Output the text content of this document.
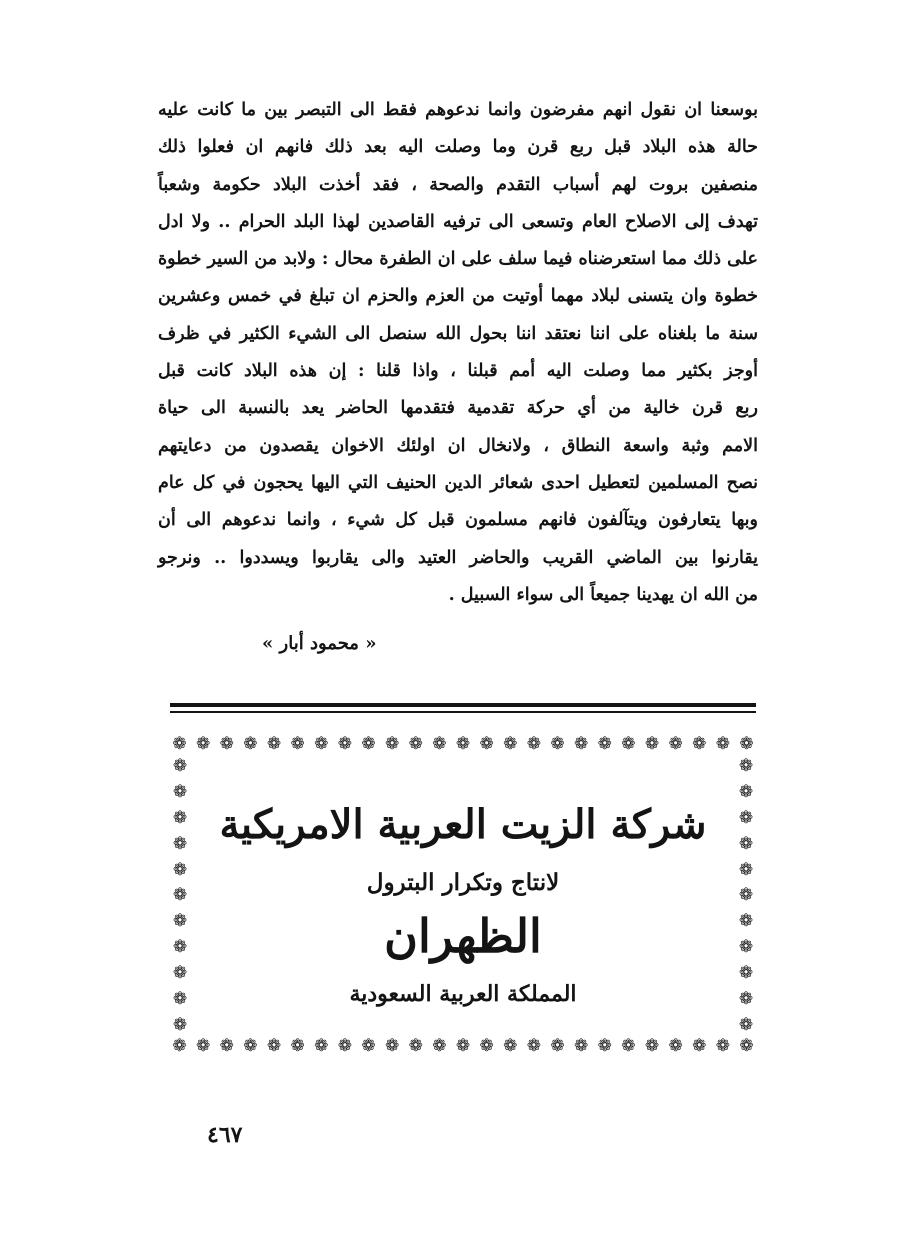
بوسعنا ان نقول انهم مفرضون وانما ندعوهم فقط الى التبصر بين ما كانت عليه
حالة هذه البلاد قبل ربع قرن وما وصلت اليه بعد ذلك فانهم ان فعلوا ذلك
منصفين بروت لهم أسباب التقدم والصحة ، فقد أخذت البلاد حكومة وشعباً
تهدف إلى الاصلاح العام وتسعى الى ترفيه القاصدين لهذا البلد الحرام .. ولا ادل
على ذلك مما استعرضناه فيما سلف على ان الطفرة محال : ولابد من السير خطوة
خطوة وان يتسنى لبلاد مهما أوتيت من العزم والحزم ان تبلغ في خمس وعشرين
سنة ما بلغناه على اننا نعتقد اننا بحول الله سنصل الى الشيء الكثير في ظرف
أوجز بكثير مما وصلت اليه أمم قبلنا ، واذا قلنا : إن هذه البلاد كانت قبل
ربع قرن خالية من أي حركة تقدمية فتقدمها الحاضر يعد بالنسبة الى حياة
الامم وثبة واسعة النطاق ، ولانخال ان اولئك الاخوان يقصدون من دعايتهم
نصح المسلمين لتعطيل احدى شعائر الدين الحنيف التي اليها يحجون في كل عام
وبها يتعارفون ويتآلفون فانهم مسلمون قبل كل شيء ، وانما ندعوهم الى أن
يقارنوا بين الماضي القريب والحاضر العتيد والى يقاربوا ويسددوا .. ونرجو
من الله ان يهدينا جميعاً الى سواء السبيل .
« محمود أبار »
❁ ❁ ❁ ❁ ❁ ❁ ❁ ❁ ❁ ❁ ❁ ❁ ❁ ❁ ❁ ❁ ❁ ❁ ❁ ❁ ❁ ❁ ❁ ❁ ❁
❁ ❁ ❁ ❁ ❁ ❁ ❁ ❁ ❁ ❁ ❁ ❁ ❁ ❁ ❁ ❁ ❁ ❁ ❁ ❁ ❁ ❁ ❁ ❁ ❁
❁
❁
❁
❁
❁
❁
❁
❁
❁
❁
❁
❁
❁
❁
❁
❁
❁
❁
❁
❁
❁
❁
شركة الزيت العربية الامريكية
لانتاج وتكرار البترول
الظهران
المملكة العربية السعودية
٤٦٧
